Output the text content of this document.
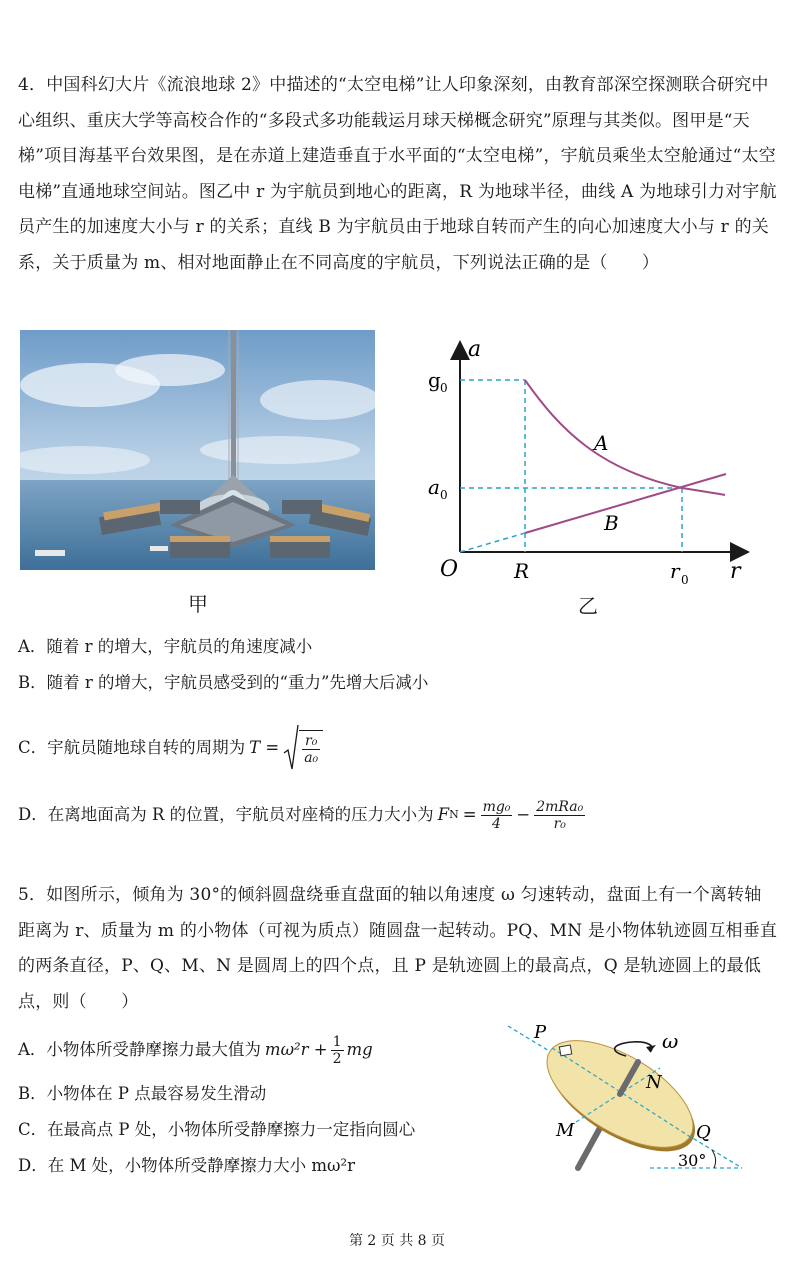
4．中国科幻大片《流浪地球 2》中描述的“太空电梯”让人印象深刻，由教育部深空探测联合研究中心组织、重庆大学等高校合作的“多段式多功能载运月球天梯概念研究”原理与其类似。图甲是“天梯”项目海基平台效果图，是在赤道上建造垂直于水平面的“太空电梯”，宇航员乘坐太空舱通过“太空电梯”直通地球空间站。图乙中 r 为宇航员到地心的距离，R 为地球半径，曲线 A 为地球引力对宇航员产生的加速度大小与 r 的关系；直线 B 为宇航员由于地球自转而产生的向心加速度大小与 r 的关系，关于质量为 m、相对地面静止在不同高度的宇航员，下列说法正确的是（　　）
甲
a
g 0
a 0
O	R	r 0 r
A
B
乙
A．随着 r 的增大，宇航员的角速度减小
B．随着 r 的增大，宇航员感受到的“重力”先增大后减小
C．宇航员随地球自转的周期为 $T = \frac{\text{r₀}}{\text{a₀}}$
D．在离地面高为 R 的位置，宇航员对座椅的压力大小为 F $N = \frac{\text{mg₀}}{4} - \frac{\text{2mRa₀}}{\text{r₀}}$
5．如图所示，倾角为 30°的倾斜圆盘绕垂直盘面的轴以角速度 ω 匀速转动，盘面上有一个离转轴距离为 r、质量为 m 的小物体（可视为质点）随圆盘一起转动。PQ、MN 是小物体轨迹圆互相垂直的两条直径，P、Q、M、N 是圆周上的四个点，且 P 是轨迹圆上的最高点，Q 是轨迹圆上的最低点，则（　　）
A．小物体所受静摩擦力最大值为 $m\omega^2r + \frac{1}{2}$ mg
B．小物体在 P 点最容易发生滑动
C．在最高点 P 处，小物体所受静摩擦力一定指向圆心
D．在 M 处，小物体所受静摩擦力大小 mω²r
P
Q
M
N
ω
30°
第 2 页 共 8 页
